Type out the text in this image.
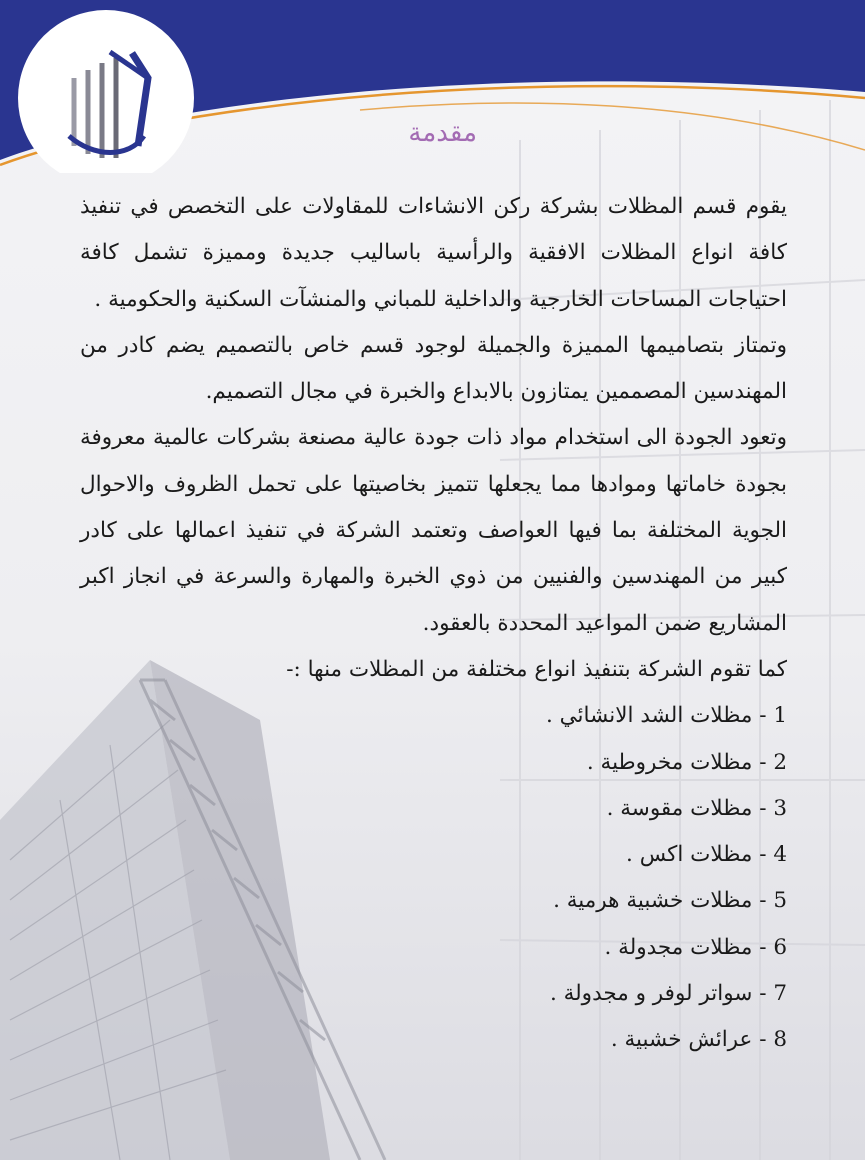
مقدمة

يقوم قسم المظلات بشركة ركن الانشاءات للمقاولات على التخصص في تنفيذ كافة انواع المظلات الافقية والرأسية باساليب جديدة ومميزة تشمل كافة احتياجات المساحات الخارجية والداخلية للمباني والمنشآت السكنية والحكومية .

وتمتاز بتصاميمها المميزة والجميلة لوجود قسم خاص بالتصميم يضم كادر من المهندسين المصممين يمتازون بالابداع والخبرة في مجال التصميم.

وتعود الجودة الى استخدام مواد ذات جودة عالية مصنعة بشركات عالمية معروفة بجودة خاماتها وموادها مما يجعلها تتميز بخاصيتها على تحمل الظروف والاحوال الجوية المختلفة بما فيها العواصف وتعتمد الشركة في تنفيذ اعمالها على كادر كبير من المهندسين والفنيين من ذوي الخبرة والمهارة والسرعة في انجاز اكبر المشاريع ضمن المواعيد المحددة بالعقود.

كما تقوم الشركة بتنفيذ انواع مختلفة من المظلات منها :-

1 - مظلات الشد الانشائي .
2 - مظلات مخروطية .
3 - مظلات مقوسة .
4 - مظلات اكس .
5 - مظلات خشبية هرمية .
6 - مظلات مجدولة .
7 - سواتر لوفر و مجدولة .
8 - عرائش خشبية .
